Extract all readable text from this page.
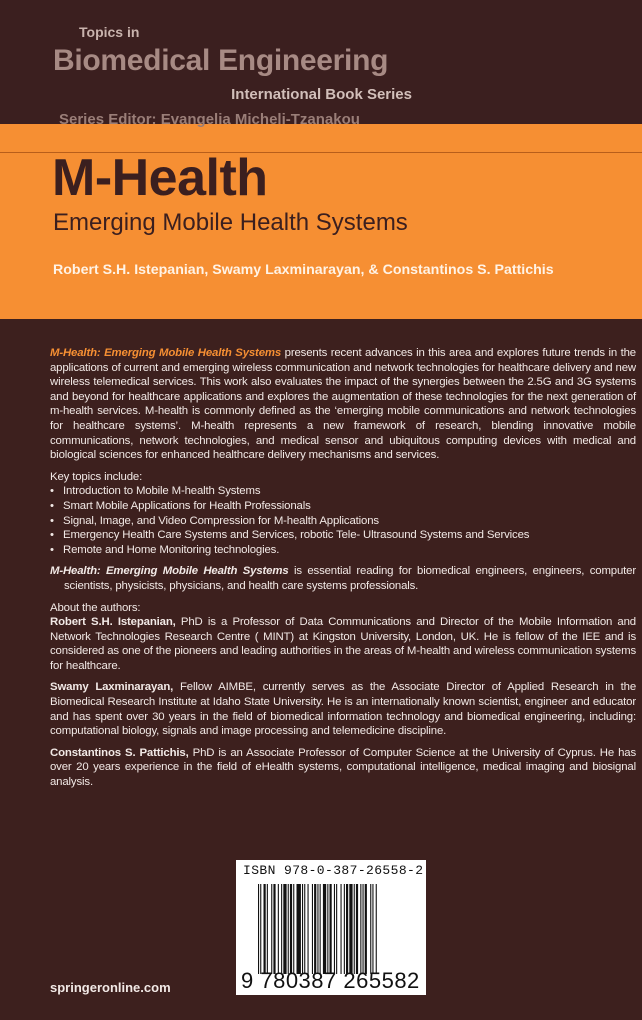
Topics in
Biomedical Engineering
International Book Series
Series Editor: Evangelia Micheli-Tzanakou
M-Health
Emerging Mobile Health Systems
Robert S.H. Istepanian, Swamy Laxminarayan, & Constantinos S. Pattichis

M-Health: Emerging Mobile Health Systems presents recent advances in this area and explores future trends in the applications of current and emerging wireless communication and network technologies for healthcare delivery and new wireless telemedical services. This work also evaluates the impact of the synergies between the 2.5G and 3G systems and beyond for healthcare applications and explores the augmentation of these technologies for the next generation of m-health services. M-health is commonly defined as the ‘emerging mobile communications and network technologies for healthcare systems’. M-health represents a new framework of research, blending innovative mobile communications, network technologies, and medical sensor and ubiquitous computing devices with medical and biological sciences for enhanced healthcare delivery mechanisms and services.

Key topics include:

• Introduction to Mobile M-health Systems
• Smart Mobile Applications for Health Professionals
• Signal, Image, and Video Compression for M-health Applications
• Emergency Health Care Systems and Services, robotic Tele- Ultrasound Systems and Services
• Remote and Home Monitoring technologies.

M-Health: Emerging Mobile Health Systems is essential reading for biomedical engineers, engineers, computer scientists, physicists, physicians, and health care systems professionals.

About the authors:

Robert S.H. Istepanian, PhD is a Professor of Data Communications and Director of the Mobile Information and Network Technologies Research Centre ( MINT) at Kingston University, London, UK. He is fellow of the IEE and is considered as one of the pioneers and leading authorities in the areas of M-health and wireless communication systems for healthcare.

Swamy Laxminarayan, Fellow AIMBE, currently serves as the Associate Director of Applied Research in the Biomedical Research Institute at Idaho State University. He is an internationally known scientist, engineer and educator and has spent over 30 years in the field of biomedical information technology and biomedical engineering, including: computational biology, signals and image processing and telemedicine discipline.

Constantinos S. Pattichis, PhD is an Associate Professor of Computer Science at the University of Cyprus. He has over 20 years experience in the field of eHealth systems, computational intelligence, medical imaging and biosignal analysis.

ISBN 978-0-387-26558-2
9 780387 265582
springeronline.com
